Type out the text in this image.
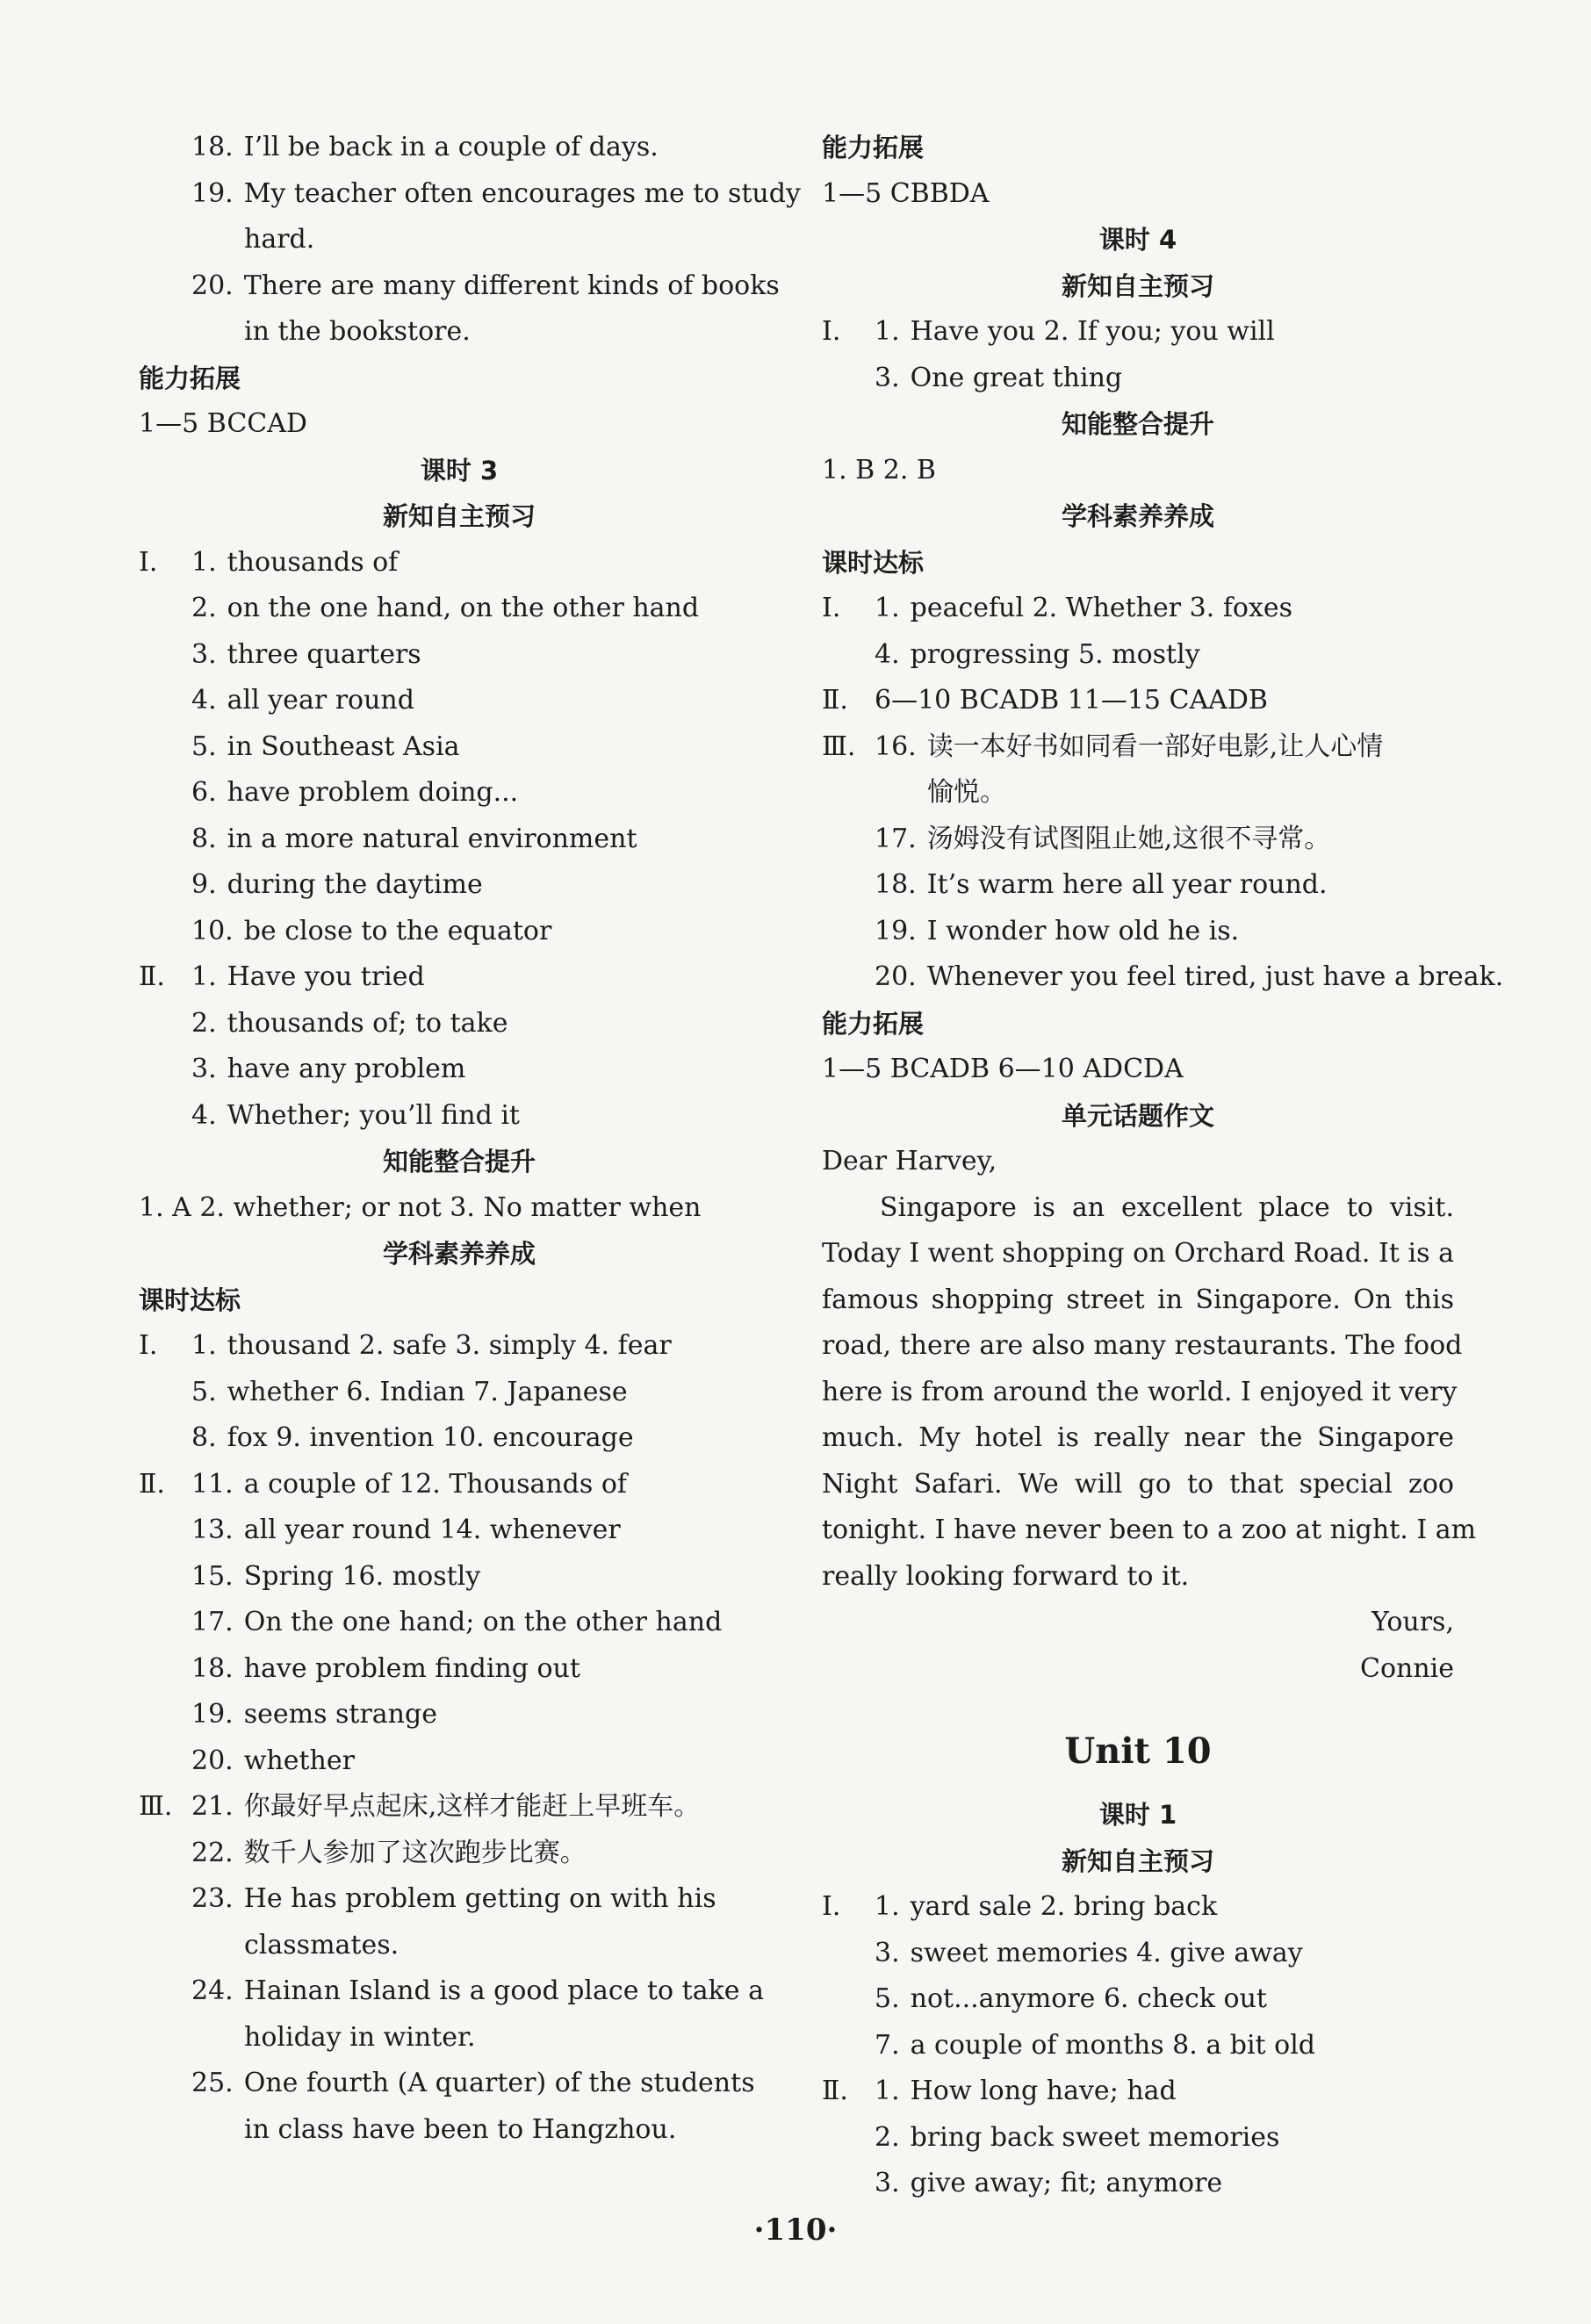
18. I’ll be back in a couple of days.
19. My teacher often encourages me to study
hard.
20. There are many different kinds of books
in the bookstore.
能力拓展
1—5 BCCAD
课时 3
新知自主预习
Ⅰ. 1. thousands of
2. on the one hand, on the other hand
3. three quarters
4. all year round
5. in Southeast Asia
6. have problem doing...
8. in a more natural environment
9. during the daytime
10. be close to the equator
Ⅱ. 1. Have you tried
2. thousands of; to take
3. have any problem
4. Whether; you’ll find it
知能整合提升
1. A 2. whether; or not 3. No matter when
学科素养养成
课时达标
Ⅰ. 1. thousand 2. safe 3. simply 4. fear
5. whether 6. Indian 7. Japanese
8. fox 9. invention 10. encourage
Ⅱ. 11. a couple of 12. Thousands of
13. all year round 14. whenever
15. Spring 16. mostly
17. On the one hand; on the other hand
18. have problem finding out
19. seems strange
20. whether
Ⅲ. 21. 你最好早点起床,这样才能赶上早班车。
22. 数千人参加了这次跑步比赛。
23. He has problem getting on with his
classmates.
24. Hainan Island is a good place to take a
holiday in winter.
25. One fourth (A quarter) of the students
in class have been to Hangzhou.
能力拓展
1—5 CBBDA
课时 4
新知自主预习
Ⅰ. 1. Have you 2. If you; you will
3. One great thing
知能整合提升
1. B 2. B
学科素养养成
课时达标
Ⅰ. 1. peaceful 2. Whether 3. foxes
4. progressing 5. mostly
Ⅱ. 6—10 BCADB 11—15 CAADB
Ⅲ. 16. 读一本好书如同看一部好电影,让人心情
愉悦。
17. 汤姆没有试图阻止她,这很不寻常。
18. It’s warm here all year round.
19. I wonder how old he is.
20. Whenever you feel tired, just have a break.
能力拓展
1—5 BCADB 6—10 ADCDA
单元话题作文
Dear Harvey,
Singapore is an excellent place to visit.
Today I went shopping on Orchard Road. It is a
famous shopping street in Singapore. On this
road, there are also many restaurants. The food
here is from around the world. I enjoyed it very
much. My hotel is really near the Singapore
Night Safari. We will go to that special zoo
tonight. I have never been to a zoo at night. I am
really looking forward to it.
Yours,
Connie
Unit 10
课时 1
新知自主预习
Ⅰ. 1. yard sale 2. bring back
3. sweet memories 4. give away
5. not...anymore 6. check out
7. a couple of months 8. a bit old
Ⅱ. 1. How long have; had
2. bring back sweet memories
3. give away; fit; anymore
·110·
